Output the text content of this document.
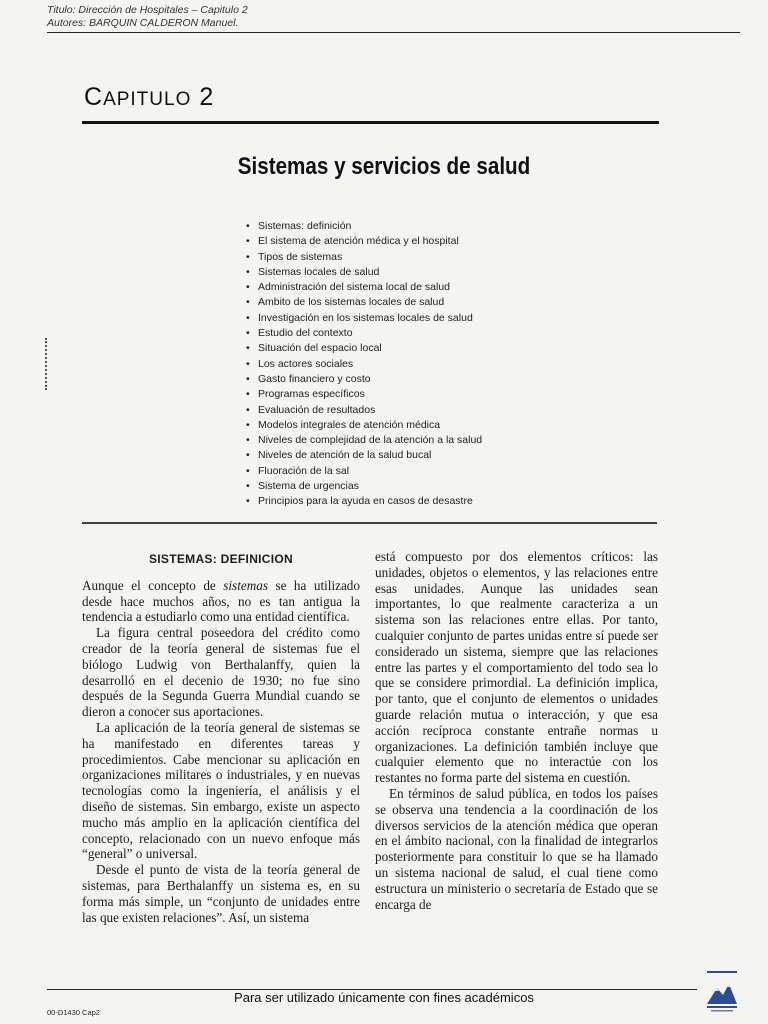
Titulo: Dirección de Hospitales – Capitulo 2
Autores: BARQUIN CALDERON Manuel.
CAPITULO 2
Sistemas y servicios de salud
• Sistemas: definición
• El sistema de atención médica y el hospital
• Tipos de sistemas
• Sistemas locales de salud
• Administración del sistema local de salud
• Ambito de los sistemas locales de salud
• Investigación en los sistemas locales de salud
• Estudio del contexto
• Situación del espacio local
• Los actores sociales
• Gasto financiero y costo
• Programas específicos
• Evaluación de resultados
• Modelos integrales de atención médica
• Niveles de complejidad de la atención a la salud
• Niveles de atención de la salud bucal
• Fluoración de la sal
• Sistema de urgencias
• Principios para la ayuda en casos de desastre
SISTEMAS: DEFINICION

Aunque el concepto de sistemas se ha utilizado desde hace muchos años, no es tan antigua la tendencia a estudiarlo como una entidad científica.

La figura central poseedora del crédito como creador de la teoría general de sistemas fue el biólogo Ludwig von Berthalanffy, quien la desarrolló en el decenio de 1930; no fue sino después de la Segunda Guerra Mundial cuando se dieron a conocer sus aportaciones.

La aplicación de la teoría general de sistemas se ha manifestado en diferentes tareas y procedimientos. Cabe mencionar su aplicación en organizaciones militares o industriales, y en nuevas tecnologías como la ingeniería, el análisis y el diseño de sistemas. Sin embargo, existe un aspecto mucho más amplio en la aplicación científica del concepto, relacionado con un nuevo enfoque más “general” o universal.

Desde el punto de vista de la teoría general de sistemas, para Berthalanffy un sistema es, en su forma más simple, un “conjunto de unidades entre las que existen relaciones”. Así, un sistema

está compuesto por dos elementos críticos: las unidades, objetos o elementos, y las relaciones entre esas unidades. Aunque las unidades sean importantes, lo que realmente caracteriza a un sistema son las relaciones entre ellas. Por tanto, cualquier conjunto de partes unidas entre sí puede ser considerado un sistema, siempre que las relaciones entre las partes y el comportamiento del todo sea lo que se considere primordial. La definición implica, por tanto, que el conjunto de elementos o unidades guarde relación mutua o interacción, y que esa acción recíproca constante entrañe normas u organizaciones. La definición también incluye que cualquier elemento que no interactúe con los restantes no forma parte del sistema en cuestión.

En términos de salud pública, en todos los países se observa una tendencia a la coordinación de los diversos servicios de la atención médica que operan en el ámbito nacional, con la finalidad de integrarlos posteriormente para constituir lo que se ha llamado un sistema nacional de salud, el cual tiene como estructura un ministerio o secretaría de Estado que se encarga de

Para ser utilizado únicamente con fines académicos
00-D1430 Cap2
